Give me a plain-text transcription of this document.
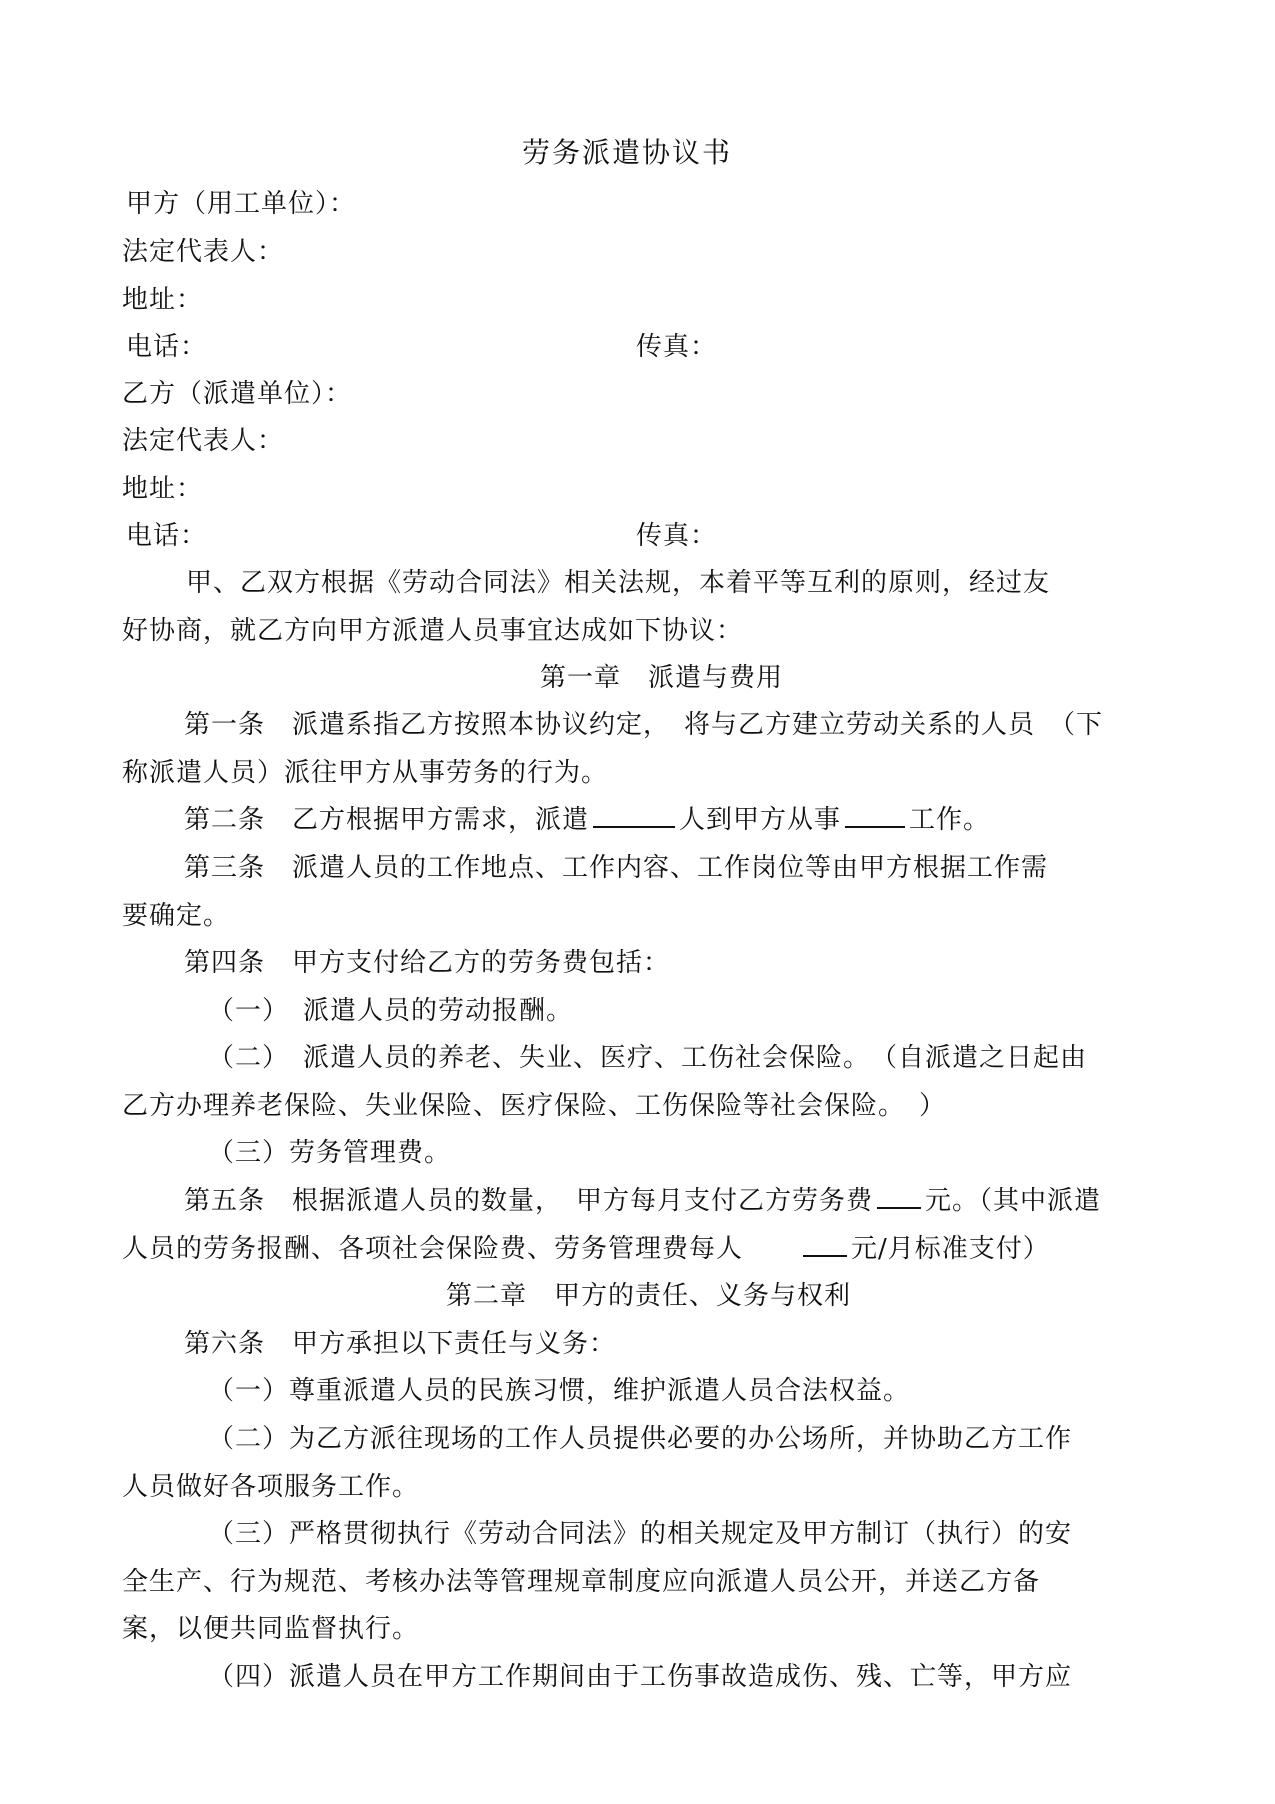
劳务派遣协议书
甲方（用工单位）：
法定代表人：
地址：
电话：	传真：
乙方（派遣单位）：
法定代表人：
地址：
电话：	传真：
甲、乙双方根据《劳动合同法》相关法规，本着平等互利的原则，经过友
好协商，就乙方向甲方派遣人员事宜达成如下协议：
第一章　派遣与费用
第一条　派遣系指乙方按照本协议约定，　将与乙方建立劳动关系的人员　（下
称派遣人员）派往甲方从事劳务的行为。
第二条　乙方根据甲方需求，派遣	人到甲方从事	工作。
第三条　派遣人员的工作地点、工作内容、工作岗位等由甲方根据工作需
要确定。
第四条　甲方支付给乙方的劳务费包括：
（一）　派遣人员的劳动报酬。
（二）　派遣人员的养老、失业、医疗、工伤社会保险。　（自派遣之日起由
乙方办理养老保险、失业保险、医疗保险、工伤保险等社会保险。　）
（三）劳务管理费。
第五条　根据派遣人员的数量，　甲方每月支付乙方劳务费 元。（其中派遣
人员的劳务报酬、各项社会保险费、劳务管理费每人	元/月标准支付）
第二章　甲方的责任、义务与权利
第六条　甲方承担以下责任与义务：
（一）尊重派遣人员的民族习惯，维护派遣人员合法权益。
（二）为乙方派往现场的工作人员提供必要的办公场所，并协助乙方工作
人员做好各项服务工作。
（三）严格贯彻执行《劳动合同法》的相关规定及甲方制订（执行）的安
全生产、行为规范、考核办法等管理规章制度应向派遣人员公开，并送乙方备
案，以便共同监督执行。
（四）派遣人员在甲方工作期间由于工伤事故造成伤、残、亡等，甲方应
